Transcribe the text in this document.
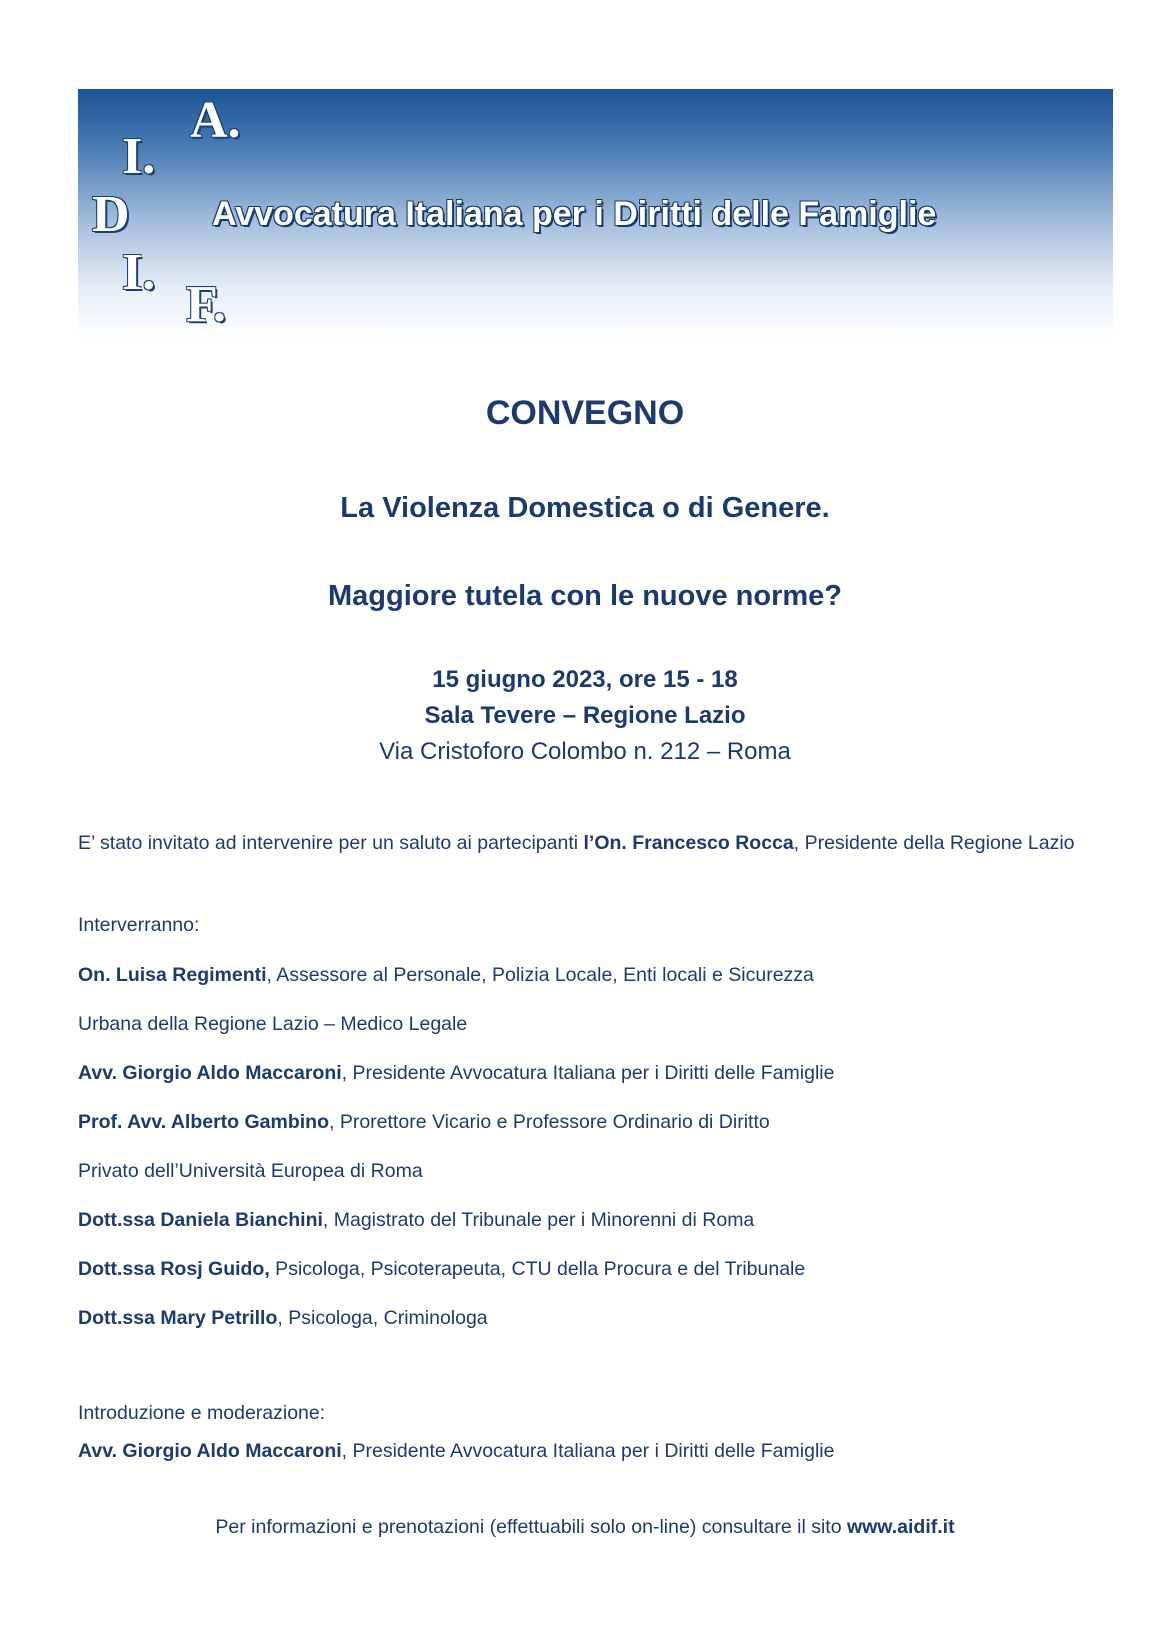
A.
I.
D
I.
F.
Avvocatura Italiana per i Diritti delle Famiglie
CONVEGNO
La Violenza Domestica o di Genere.
Maggiore tutela con le nuove norme?
15 giugno 2023, ore 15 - 18
Sala Tevere – Regione Lazio
Via Cristoforo Colombo n. 212 – Roma
E’ stato invitato ad intervenire per un saluto ai partecipanti l’On. Francesco Rocca, Presidente della Regione Lazio
Interverranno:
On. Luisa Regimenti, Assessore al Personale, Polizia Locale, Enti locali e Sicurezza
Urbana della Regione Lazio – Medico Legale
Avv. Giorgio Aldo Maccaroni, Presidente Avvocatura Italiana per i Diritti delle Famiglie
Prof. Avv. Alberto Gambino, Prorettore Vicario e Professore Ordinario di Diritto
Privato dell’Università Europea di Roma
Dott.ssa Daniela Bianchini, Magistrato del Tribunale per i Minorenni di Roma
Dott.ssa Rosj Guido, Psicologa, Psicoterapeuta, CTU della Procura e del Tribunale
Dott.ssa Mary Petrillo, Psicologa, Criminologa
Introduzione e moderazione:
Avv. Giorgio Aldo Maccaroni, Presidente Avvocatura Italiana per i Diritti delle Famiglie
Per informazioni e prenotazioni (effettuabili solo on-line) consultare il sito www.aidif.it
